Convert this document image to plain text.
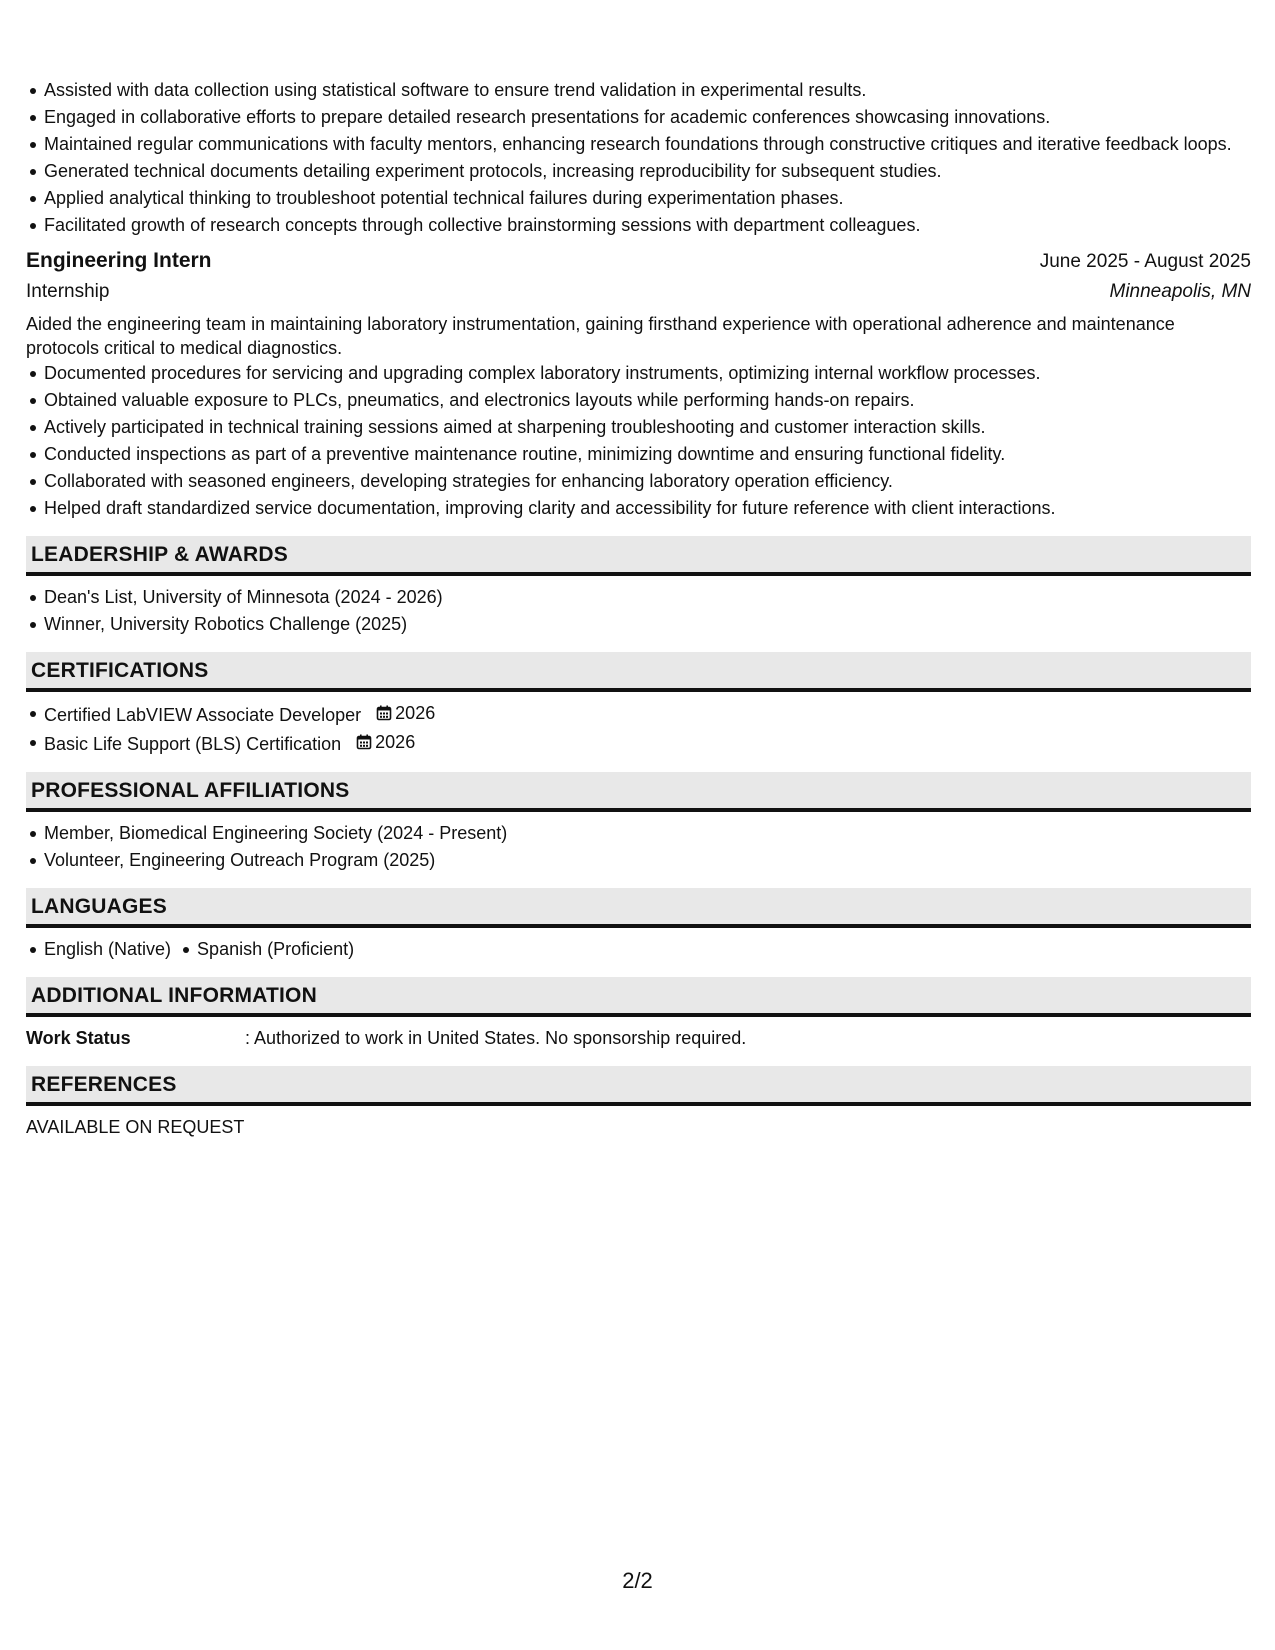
Assisted with data collection using statistical software to ensure trend validation in experimental results.
Engaged in collaborative efforts to prepare detailed research presentations for academic conferences showcasing innovations.
Maintained regular communications with faculty mentors, enhancing research foundations through constructive critiques and iterative feedback loops.
Generated technical documents detailing experiment protocols, increasing reproducibility for subsequent studies.
Applied analytical thinking to troubleshoot potential technical failures during experimentation phases.
Facilitated growth of research concepts through collective brainstorming sessions with department colleagues.
Engineering Intern	June 2025 - August 2025
Internship	Minneapolis, MN
Aided the engineering team in maintaining laboratory instrumentation, gaining firsthand experience with operational adherence and maintenance protocols critical to medical diagnostics.
Documented procedures for servicing and upgrading complex laboratory instruments, optimizing internal workflow processes.
Obtained valuable exposure to PLCs, pneumatics, and electronics layouts while performing hands-on repairs.
Actively participated in technical training sessions aimed at sharpening troubleshooting and customer interaction skills.
Conducted inspections as part of a preventive maintenance routine, minimizing downtime and ensuring functional fidelity.
Collaborated with seasoned engineers, developing strategies for enhancing laboratory operation efficiency.
Helped draft standardized service documentation, improving clarity and accessibility for future reference with client interactions.
LEADERSHIP & AWARDS
Dean's List, University of Minnesota (2024 - 2026)
Winner, University Robotics Challenge (2025)
CERTIFICATIONS
Certified LabVIEW Associate Developer 2026
Basic Life Support (BLS) Certification 2026
PROFESSIONAL AFFILIATIONS
Member, Biomedical Engineering Society (2024 - Present)
Volunteer, Engineering Outreach Program (2025)
LANGUAGES
English (Native) Spanish (Proficient)
ADDITIONAL INFORMATION
Work Status	: Authorized to work in United States. No sponsorship required.
REFERENCES
AVAILABLE ON REQUEST
2/2
